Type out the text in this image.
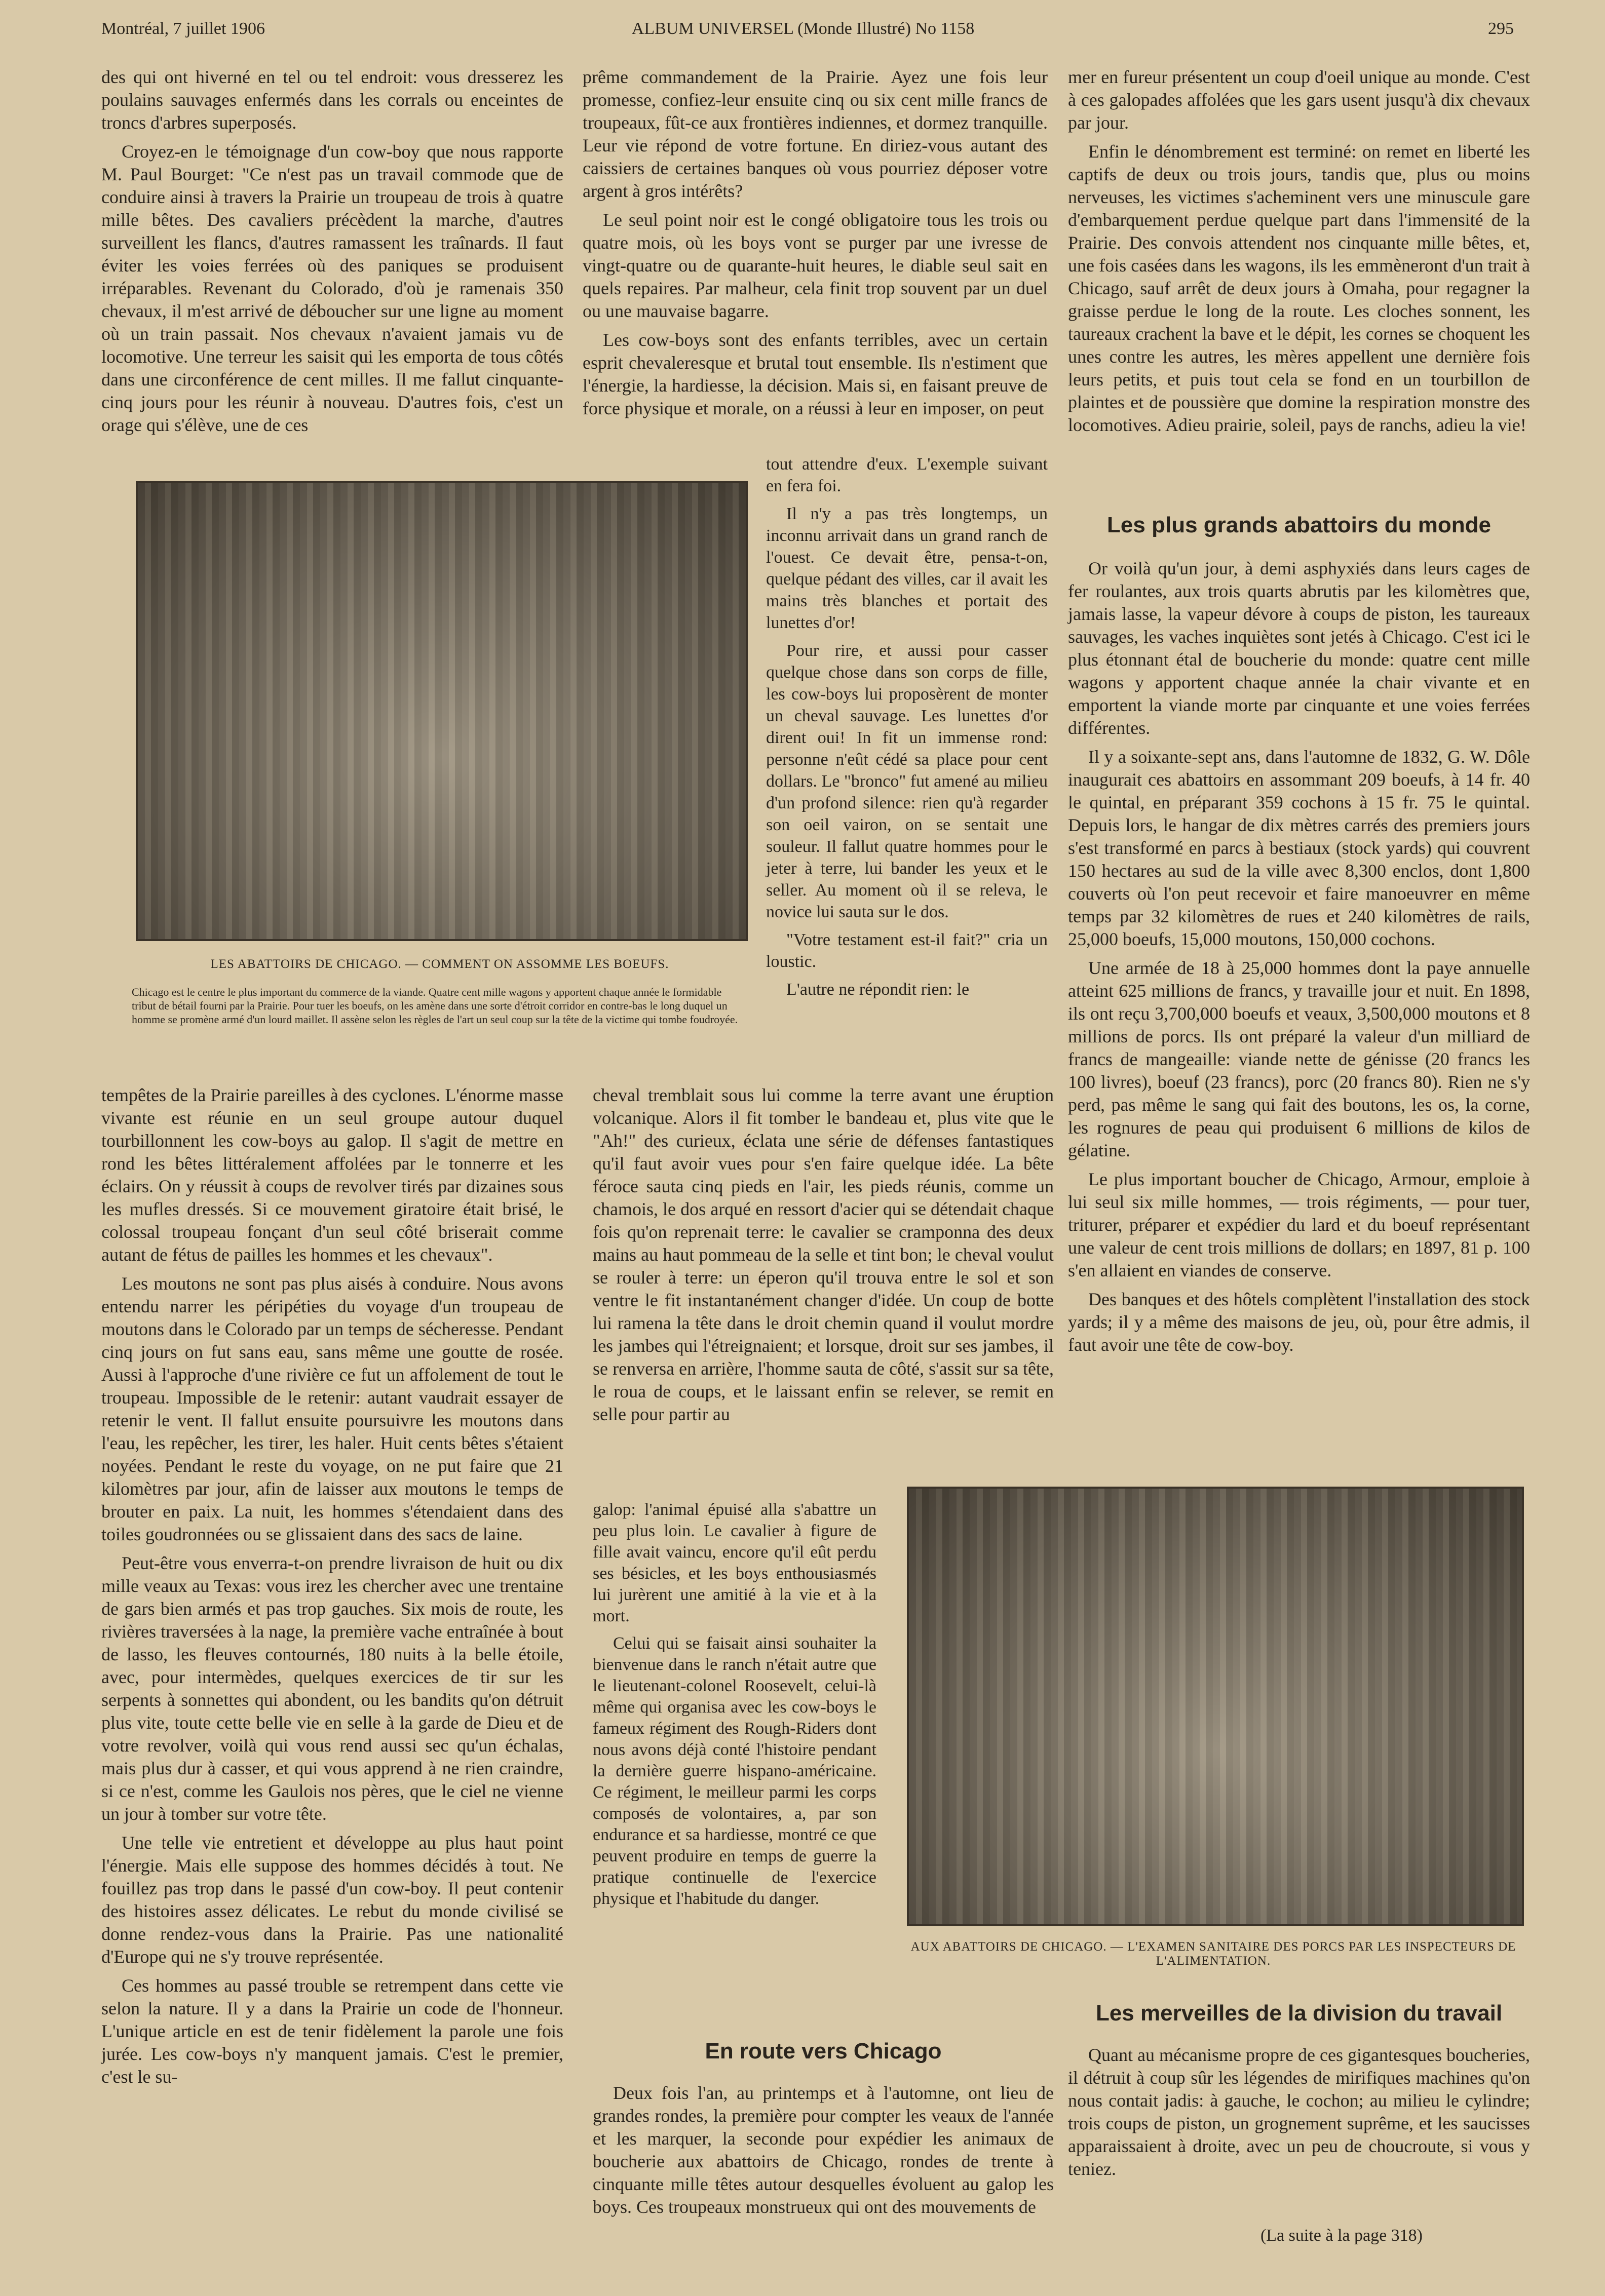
Montréal, 7 juillet 1906	ALBUM UNIVERSEL (Monde Illustré) No 1158	295

des qui ont hiverné en tel ou tel endroit: vous dresserez les poulains sauvages enfermés dans les corrals ou enceintes de troncs d'arbres superposés.

Croyez-en le témoignage d'un cow-boy que nous rapporte M. Paul Bourget: "Ce n'est pas un travail commode que de conduire ainsi à travers la Prairie un troupeau de trois à quatre mille bêtes. Des cavaliers précèdent la marche, d'autres surveillent les flancs, d'autres ramassent les traînards. Il faut éviter les voies ferrées où des paniques se produisent irréparables. Revenant du Colorado, d'où je ramenais 350 chevaux, il m'est arrivé de déboucher sur une ligne au moment où un train passait. Nos chevaux n'avaient jamais vu de locomotive. Une terreur les saisit qui les emporta de tous côtés dans une circonférence de cent milles. Il me fallut cinquante-cinq jours pour les réunir à nouveau. D'autres fois, c'est un orage qui s'élève, une de ces

prême commandement de la Prairie. Ayez une fois leur promesse, confiez-leur ensuite cinq ou six cent mille francs de troupeaux, fût-ce aux frontières indiennes, et dormez tranquille. Leur vie répond de votre fortune. En diriez-vous autant des caissiers de certaines banques où vous pourriez déposer votre argent à gros intérêts?

Le seul point noir est le congé obligatoire tous les trois ou quatre mois, où les boys vont se purger par une ivresse de vingt-quatre ou de quarante-huit heures, le diable seul sait en quels repaires. Par malheur, cela finit trop souvent par un duel ou une mauvaise bagarre.

Les cow-boys sont des enfants terribles, avec un certain esprit chevaleresque et brutal tout ensemble. Ils n'estiment que l'énergie, la hardiesse, la décision. Mais si, en faisant preuve de force physique et morale, on a réussi à leur en imposer, on peut

LES ABATTOIRS DE CHICAGO. — COMMENT ON ASSOMME LES BOEUFS.
Chicago est le centre le plus important du commerce de la viande. Quatre cent mille wagons y apportent chaque année le formidable tribut de bétail fourni par la Prairie. Pour tuer les boeufs, on les amène dans une sorte d'étroit corridor en contre-bas le long duquel un homme se promène armé d'un lourd maillet. Il assène selon les règles de l'art un seul coup sur la tête de la victime qui tombe foudroyée.

tout attendre d'eux. L'exemple suivant en fera foi.

Il n'y a pas très longtemps, un inconnu arrivait dans un grand ranch de l'ouest. Ce devait être, pensa-t-on, quelque pédant des villes, car il avait les mains très blanches et portait des lunettes d'or!

Pour rire, et aussi pour casser quelque chose dans son corps de fille, les cow-boys lui proposèrent de monter un cheval sauvage. Les lunettes d'or dirent oui! In fit un immense rond: personne n'eût cédé sa place pour cent dollars. Le "bronco" fut amené au milieu d'un profond silence: rien qu'à regarder son oeil vairon, on se sentait une souleur. Il fallut quatre hommes pour le jeter à terre, lui bander les yeux et le seller. Au moment où il se releva, le novice lui sauta sur le dos.

"Votre testament est-il fait?" cria un loustic.

L'autre ne répondit rien: le

tempêtes de la Prairie pareilles à des cyclones. L'énorme masse vivante est réunie en un seul groupe autour duquel tourbillonnent les cow-boys au galop. Il s'agit de mettre en rond les bêtes littéralement affolées par le tonnerre et les éclairs. On y réussit à coups de revolver tirés par dizaines sous les mufles dressés. Si ce mouvement giratoire était brisé, le colossal troupeau fonçant d'un seul côté briserait comme autant de fétus de pailles les hommes et les chevaux".

Les moutons ne sont pas plus aisés à conduire. Nous avons entendu narrer les péripéties du voyage d'un troupeau de moutons dans le Colorado par un temps de sécheresse. Pendant cinq jours on fut sans eau, sans même une goutte de rosée. Aussi à l'approche d'une rivière ce fut un affolement de tout le troupeau. Impossible de le retenir: autant vaudrait essayer de retenir le vent. Il fallut ensuite poursuivre les moutons dans l'eau, les repêcher, les tirer, les haler. Huit cents bêtes s'étaient noyées. Pendant le reste du voyage, on ne put faire que 21 kilomètres par jour, afin de laisser aux moutons le temps de brouter en paix. La nuit, les hommes s'étendaient dans des toiles goudronnées ou se glissaient dans des sacs de laine.

Peut-être vous enverra-t-on prendre livraison de huit ou dix mille veaux au Texas: vous irez les chercher avec une trentaine de gars bien armés et pas trop gauches. Six mois de route, les rivières traversées à la nage, la première vache entraînée à bout de lasso, les fleuves contournés, 180 nuits à la belle étoile, avec, pour intermèdes, quelques exercices de tir sur les serpents à sonnettes qui abondent, ou les bandits qu'on détruit plus vite, toute cette belle vie en selle à la garde de Dieu et de votre revolver, voilà qui vous rend aussi sec qu'un échalas, mais plus dur à casser, et qui vous apprend à ne rien craindre, si ce n'est, comme les Gaulois nos pères, que le ciel ne vienne un jour à tomber sur votre tête.

Une telle vie entretient et développe au plus haut point l'énergie. Mais elle suppose des hommes décidés à tout. Ne fouillez pas trop dans le passé d'un cow-boy. Il peut contenir des histoires assez délicates. Le rebut du monde civilisé se donne rendez-vous dans la Prairie. Pas une nationalité d'Europe qui ne s'y trouve représentée.

Ces hommes au passé trouble se retrempent dans cette vie selon la nature. Il y a dans la Prairie un code de l'honneur. L'unique article en est de tenir fidèlement la parole une fois jurée. Les cow-boys n'y manquent jamais. C'est le premier, c'est le su-

cheval tremblait sous lui comme la terre avant une éruption volcanique. Alors il fit tomber le bandeau et, plus vite que le "Ah!" des curieux, éclata une série de défenses fantastiques qu'il faut avoir vues pour s'en faire quelque idée. La bête féroce sauta cinq pieds en l'air, les pieds réunis, comme un chamois, le dos arqué en ressort d'acier qui se détendait chaque fois qu'on reprenait terre: le cavalier se cramponna des deux mains au haut pommeau de la selle et tint bon; le cheval voulut se rouler à terre: un éperon qu'il trouva entre le sol et son ventre le fit instantanément changer d'idée. Un coup de botte lui ramena la tête dans le droit chemin quand il voulut mordre les jambes qui l'étreignaient; et lorsque, droit sur ses jambes, il se renversa en arrière, l'homme sauta de côté, s'assit sur sa tête, le roua de coups, et le laissant enfin se relever, se remit en selle pour partir au

galop: l'animal épuisé alla s'abattre un peu plus loin. Le cavalier à figure de fille avait vaincu, encore qu'il eût perdu ses bésicles, et les boys enthousiasmés lui jurèrent une amitié à la vie et à la mort.

Celui qui se faisait ainsi souhaiter la bienvenue dans le ranch n'était autre que le lieutenant-colonel Roosevelt, celui-là même qui organisa avec les cow-boys le fameux régiment des Rough-Riders dont nous avons déjà conté l'histoire pendant la dernière guerre hispano-américaine. Ce régiment, le meilleur parmi les corps composés de volontaires, a, par son endurance et sa hardiesse, montré ce que peuvent produire en temps de guerre la pratique continuelle de l'exercice physique et l'habitude du danger.

En route vers Chicago

Deux fois l'an, au printemps et à l'automne, ont lieu de grandes rondes, la première pour compter les veaux de l'année et les marquer, la seconde pour expédier les animaux de boucherie aux abattoirs de Chicago, rondes de trente à cinquante mille têtes autour desquelles évoluent au galop les boys. Ces troupeaux monstrueux qui ont des mouvements de

mer en fureur présentent un coup d'oeil unique au monde. C'est à ces galopades affolées que les gars usent jusqu'à dix chevaux par jour.

Enfin le dénombrement est terminé: on remet en liberté les captifs de deux ou trois jours, tandis que, plus ou moins nerveuses, les victimes s'acheminent vers une minuscule gare d'embarquement perdue quelque part dans l'immensité de la Prairie. Des convois attendent nos cinquante mille bêtes, et, une fois casées dans les wagons, ils les emmèneront d'un trait à Chicago, sauf arrêt de deux jours à Omaha, pour regagner la graisse perdue le long de la route. Les cloches sonnent, les taureaux crachent la bave et le dépit, les cornes se choquent les unes contre les autres, les mères appellent une dernière fois leurs petits, et puis tout cela se fond en un tourbillon de plaintes et de poussière que domine la respiration monstre des locomotives. Adieu prairie, soleil, pays de ranchs, adieu la vie!

Les plus grands abattoirs du monde

Or voilà qu'un jour, à demi asphyxiés dans leurs cages de fer roulantes, aux trois quarts abrutis par les kilomètres que, jamais lasse, la vapeur dévore à coups de piston, les taureaux sauvages, les vaches inquiètes sont jetés à Chicago. C'est ici le plus étonnant étal de boucherie du monde: quatre cent mille wagons y apportent chaque année la chair vivante et en emportent la viande morte par cinquante et une voies ferrées différentes.

Il y a soixante-sept ans, dans l'automne de 1832, G. W. Dôle inaugurait ces abattoirs en assommant 209 boeufs, à 14 fr. 40 le quintal, en préparant 359 cochons à 15 fr. 75 le quintal. Depuis lors, le hangar de dix mètres carrés des premiers jours s'est transformé en parcs à bestiaux (stock yards) qui couvrent 150 hectares au sud de la ville avec 8,300 enclos, dont 1,800 couverts où l'on peut recevoir et faire manoeuvrer en même temps par 32 kilomètres de rues et 240 kilomètres de rails, 25,000 boeufs, 15,000 moutons, 150,000 cochons.

Une armée de 18 à 25,000 hommes dont la paye annuelle atteint 625 millions de francs, y travaille jour et nuit. En 1898, ils ont reçu 3,700,000 boeufs et veaux, 3,500,000 moutons et 8 millions de porcs. Ils ont préparé la valeur d'un milliard de francs de mangeaille: viande nette de génisse (20 francs les 100 livres), boeuf (23 francs), porc (20 francs 80). Rien ne s'y perd, pas même le sang qui fait des boutons, les os, la corne, les rognures de peau qui produisent 6 millions de kilos de gélatine.

Le plus important boucher de Chicago, Armour, emploie à lui seul six mille hommes, — trois régiments, — pour tuer, triturer, préparer et expédier du lard et du boeuf représentant une valeur de cent trois millions de dollars; en 1897, 81 p. 100 s'en allaient en viandes de conserve.

Des banques et des hôtels complètent l'installation des stock yards; il y a même des maisons de jeu, où, pour être admis, il faut avoir une tête de cow-boy.

AUX ABATTOIRS DE CHICAGO. — L'EXAMEN SANITAIRE DES PORCS PAR LES INSPECTEURS DE L'ALIMENTATION.
Les merveilles de la division du travail

Quant au mécanisme propre de ces gigantesques boucheries, il détruit à coup sûr les légendes de mirifiques machines qu'on nous contait jadis: à gauche, le cochon; au milieu le cylindre; trois coups de piston, un grognement suprême, et les saucisses apparaissaient à droite, avec un peu de choucroute, si vous y teniez.

(La suite à la page 318)
